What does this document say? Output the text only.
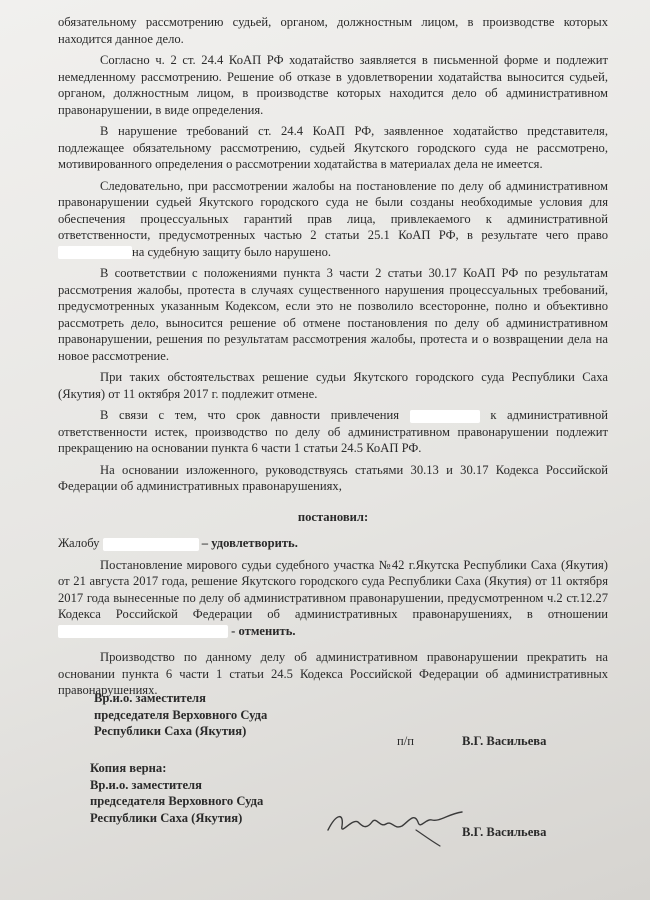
обязательному рассмотрению судьей, органом, должностным лицом, в производстве которых находится данное дело.

Согласно ч. 2 ст. 24.4 КоАП РФ ходатайство заявляется в письменной форме и подлежит немедленному рассмотрению. Решение об отказе в удовлетворении ходатайства выносится судьей, органом, должностным лицом, в производстве которых находится дело об административном правонарушении, в виде определения.

В нарушение требований ст. 24.4 КоАП РФ, заявленное ходатайство представителя, подлежащее обязательному рассмотрению, судьей Якутского городского суда не рассмотрено, мотивированного определения о рассмотрении ходатайства в материалах дела не имеется.

Следовательно, при рассмотрении жалобы на постановление по делу об административном правонарушении судьей Якутского городского суда не были созданы необходимые условия для обеспечения процессуальных гарантий прав лица, привлекаемого к административной ответственности, предусмотренных частью 2 статьи 25.1 КоАП РФ, в результате чего право на судебную защиту было нарушено.

В соответствии с положениями пункта 3 части 2 статьи 30.17 КоАП РФ по результатам рассмотрения жалобы, протеста в случаях существенного нарушения процессуальных требований, предусмотренных указанным Кодексом, если это не позволило всесторонне, полно и объективно рассмотреть дело, выносится решение об отмене постановления по делу об административном правонарушении, решения по результатам рассмотрения жалобы, протеста и о возвращении дела на новое рассмотрение.

При таких обстоятельствах решение судьи Якутского городского суда Республики Саха (Якутия) от 11 октября 2017 г. подлежит отмене.

В связи с тем, что срок давности привлечения	к административной ответственности истек, производство по делу об административном правонарушении подлежит прекращению на основании пункта 6 части 1 статьи 24.5 КоАП РФ.

На основании изложенного, руководствуясь статьями 30.13 и 30.17 Кодекса Российской Федерации об административных правонарушениях,

постановил:

Жалобу	– удовлетворить.

Постановление мирового судьи судебного участка №42 г.Якутска Республики Саха (Якутия) от 21 августа 2017 года, решение Якутского городского суда Республики Саха (Якутия) от 11 октября 2017 года вынесенные по делу об административном правонарушении, предусмотренном ч.2 ст.12.27 Кодекса Российской Федерации об административных правонарушениях, в отношении  - отменить.

Производство по данному делу об административном правонарушении прекратить на основании пункта 6 части 1 статьи 24.5 Кодекса Российской Федерации об административных правонарушениях.

Вр.и.о. заместителя
председателя Верховного Суда
Республики Саха (Якутия)
п/п	В.Г. Васильева
Копия верна:
Вр.и.о. заместителя
председателя Верховного Суда
Республики Саха (Якутия)
В.Г. Васильева
